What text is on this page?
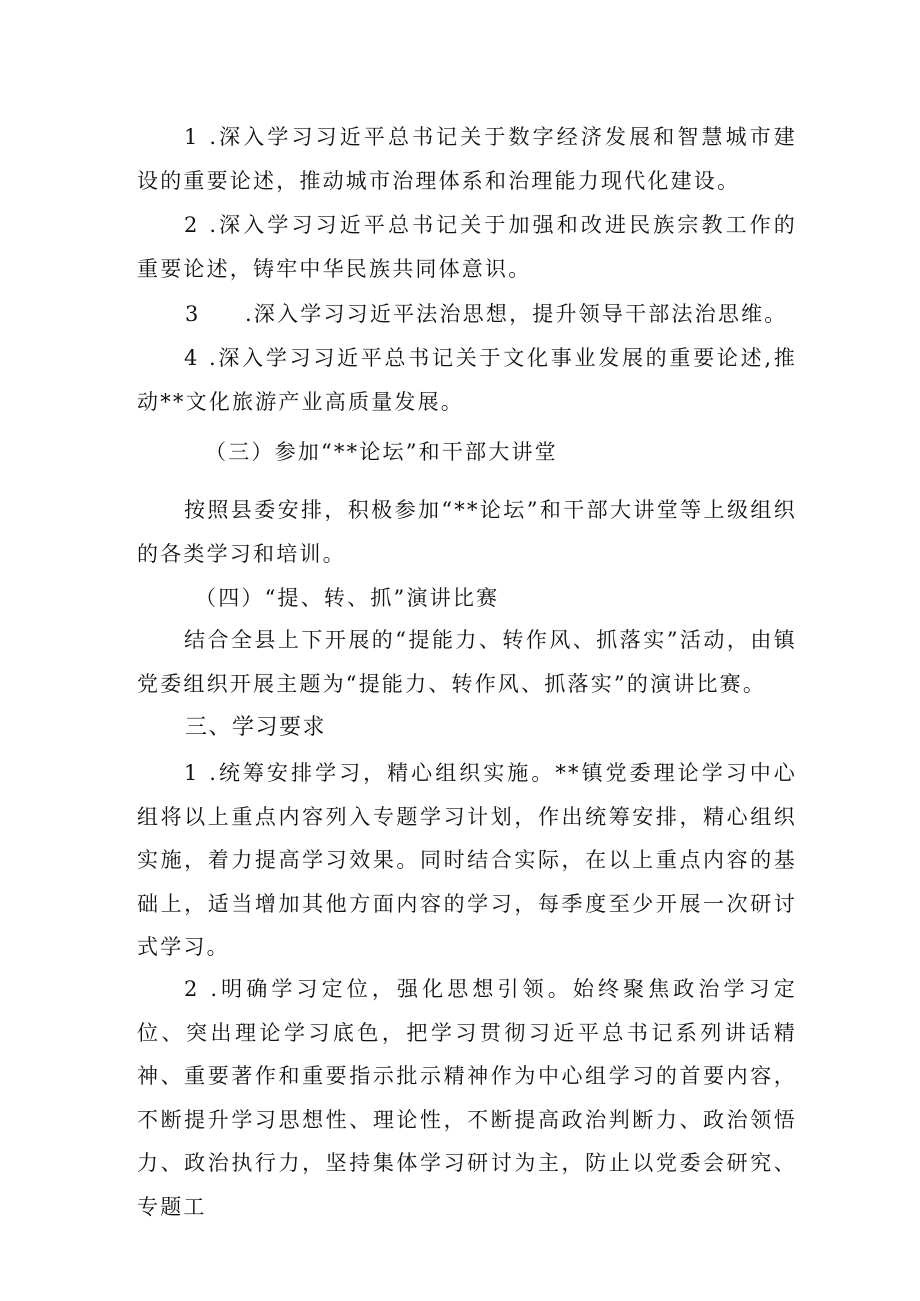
1 .深入学习习近平总书记关于数字经济发展和智慧城市建设的重要论述，推动城市治理体系和治理能力现代化建设。

2 .深入学习习近平总书记关于加强和改进民族宗教工作的重要论述，铸牢中华民族共同体意识。

3 .深入学习习近平法治思想，提升领导干部法治思维。

4 .深入学习习近平总书记关于文化事业发展的重要论述,推动**文化旅游产业高质量发展。

（三）参加“**论坛”和干部大讲堂

按照县委安排，积极参加“**论坛”和干部大讲堂等上级组织的各类学习和培训。

（四）“提、转、抓”演讲比赛

结合全县上下开展的“提能力、转作风、抓落实”活动，由镇党委组织开展主题为“提能力、转作风、抓落实”的演讲比赛。

三、学习要求

1 .统筹安排学习，精心组织实施。**镇党委理论学习中心组将以上重点内容列入专题学习计划，作出统筹安排，精心组织实施，着力提高学习效果。同时结合实际，在以上重点内容的基础上，适当增加其他方面内容的学习，每季度至少开展一次研讨式学习。

2 .明确学习定位，强化思想引领。始终聚焦政治学习定位、突出理论学习底色，把学习贯彻习近平总书记系列讲话精神、重要著作和重要指示批示精神作为中心组学习的首要内容，不断提升学习思想性、理论性，不断提高政治判断力、政治领悟力、政治执行力，坚持集体学习研讨为主，防止以党委会研究、专题工
